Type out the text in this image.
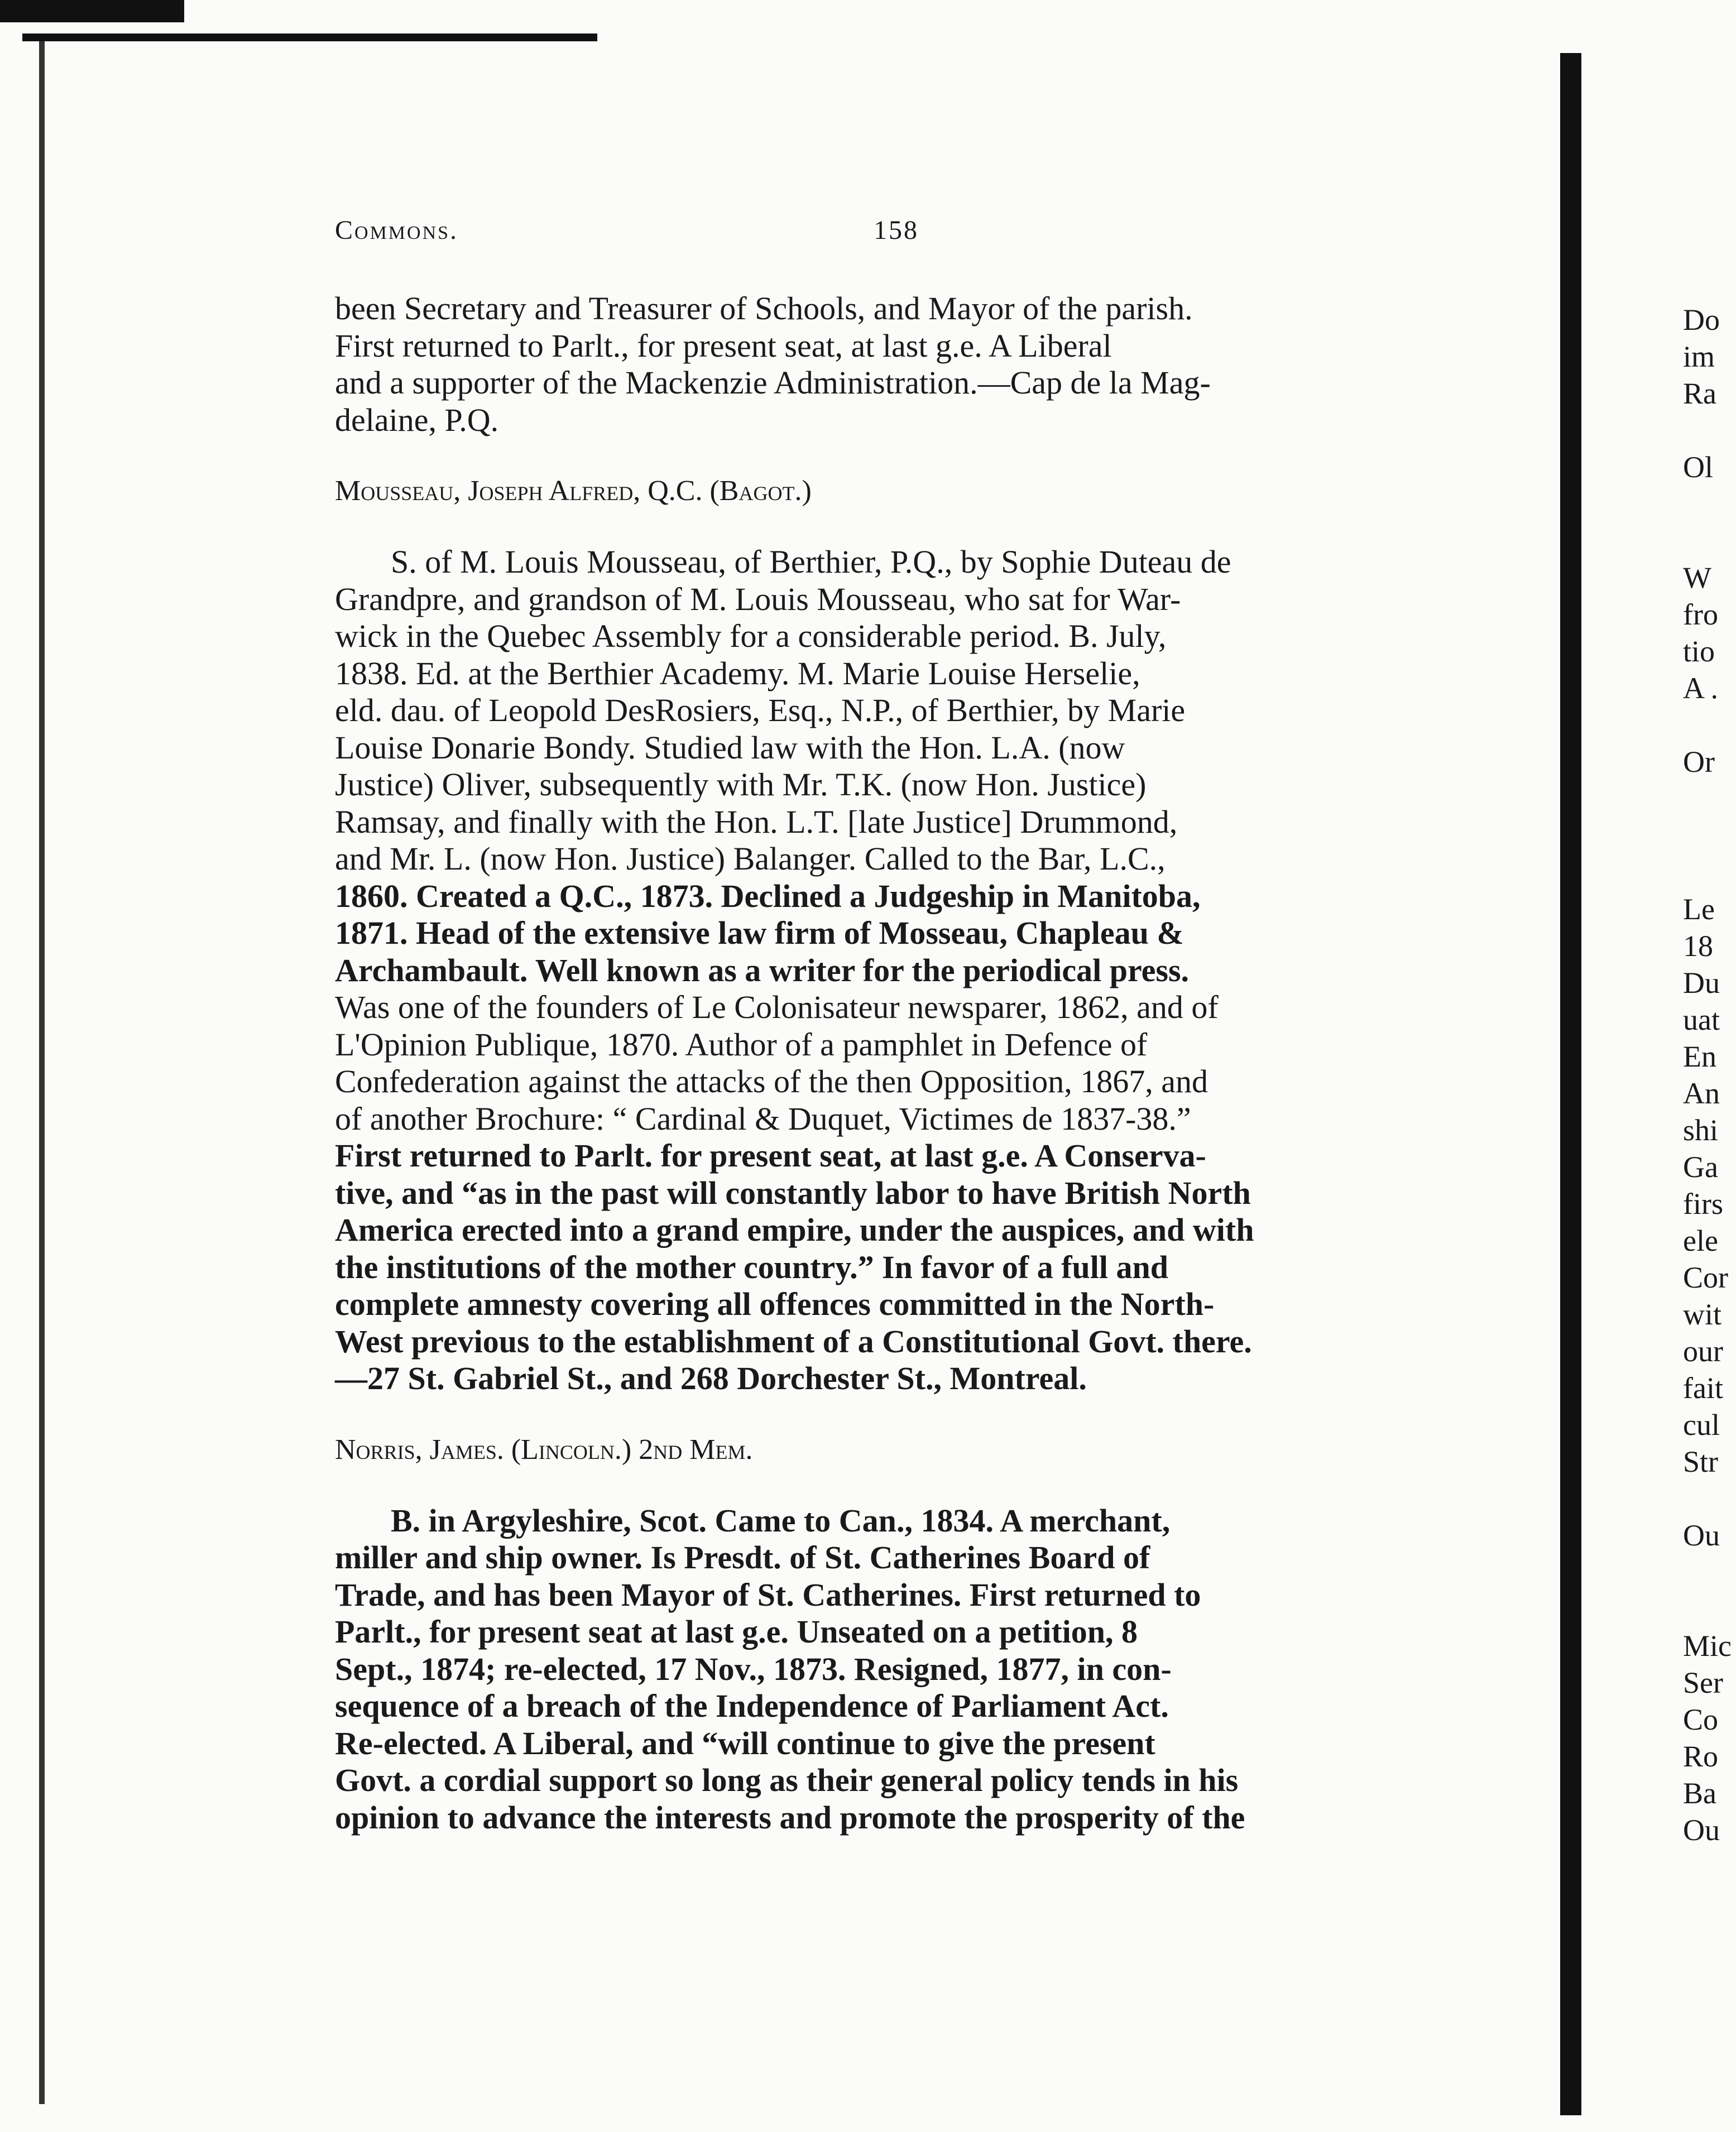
Commons.	158

been Secretary and Treasurer of Schools, and Mayor of the parish.

First returned to Parlt., for present seat, at last g.e. A Liberal

and a supporter of the Mackenzie Administration.—Cap de la Mag-

delaine, P.Q.

Mousseau, Joseph Alfred, Q.C. (Bagot.)

S. of M. Louis Mousseau, of Berthier, P.Q., by Sophie Duteau de

Grandpre, and grandson of M. Louis Mousseau, who sat for War-

wick in the Quebec Assembly for a considerable period. B. July,

1838. Ed. at the Berthier Academy. M. Marie Louise Herselie,

eld. dau. of Leopold DesRosiers, Esq., N.P., of Berthier, by Marie

Louise Donarie Bondy. Studied law with the Hon. L.A. (now

Justice) Oliver, subsequently with Mr. T.K. (now Hon. Justice)

Ramsay, and finally with the Hon. L.T. [late Justice] Drummond,

and Mr. L. (now Hon. Justice) Balanger. Called to the Bar, L.C.,

1860. Created a Q.C., 1873. Declined a Judgeship in Manitoba,

1871. Head of the extensive law firm of Mosseau, Chapleau &

Archambault. Well known as a writer for the periodical press.

Was one of the founders of Le Colonisateur newsparer, 1862, and of

L'Opinion Publique, 1870. Author of a pamphlet in Defence of

Confederation against the attacks of the then Opposition, 1867, and

of another Brochure: “ Cardinal & Duquet, Victimes de 1837-38.”

First returned to Parlt. for present seat, at last g.e. A Conserva-

tive, and “as in the past will constantly labor to have British North

America erected into a grand empire, under the auspices, and with

the institutions of the mother country.” In favor of a full and

complete amnesty covering all offences committed in the North-

West previous to the establishment of a Constitutional Govt. there.

—27 St. Gabriel St., and 268 Dorchester St., Montreal.

Norris, James. (Lincoln.) 2nd Mem.

B. in Argyleshire, Scot. Came to Can., 1834. A merchant,

miller and ship owner. Is Presdt. of St. Catherines Board of

Trade, and has been Mayor of St. Catherines. First returned to

Parlt., for present seat at last g.e. Unseated on a petition, 8

Sept., 1874; re-elected, 17 Nov., 1873. Resigned, 1877, in con-

sequence of a breach of the Independence of Parliament Act.

Re-elected. A Liberal, and “will continue to give the present

Govt. a cordial support so long as their general policy tends in his

opinion to advance the interests and promote the prosperity of the

Do
im
Ra
Ol
W
fro
tio
A .
Or
Le
18
Du
uat
En
An
shi
Ga
firs
ele
Cor
wit
our
fait
cul
Str
Ou
Mic
Ser
Co
Ro
Ba
Ou
